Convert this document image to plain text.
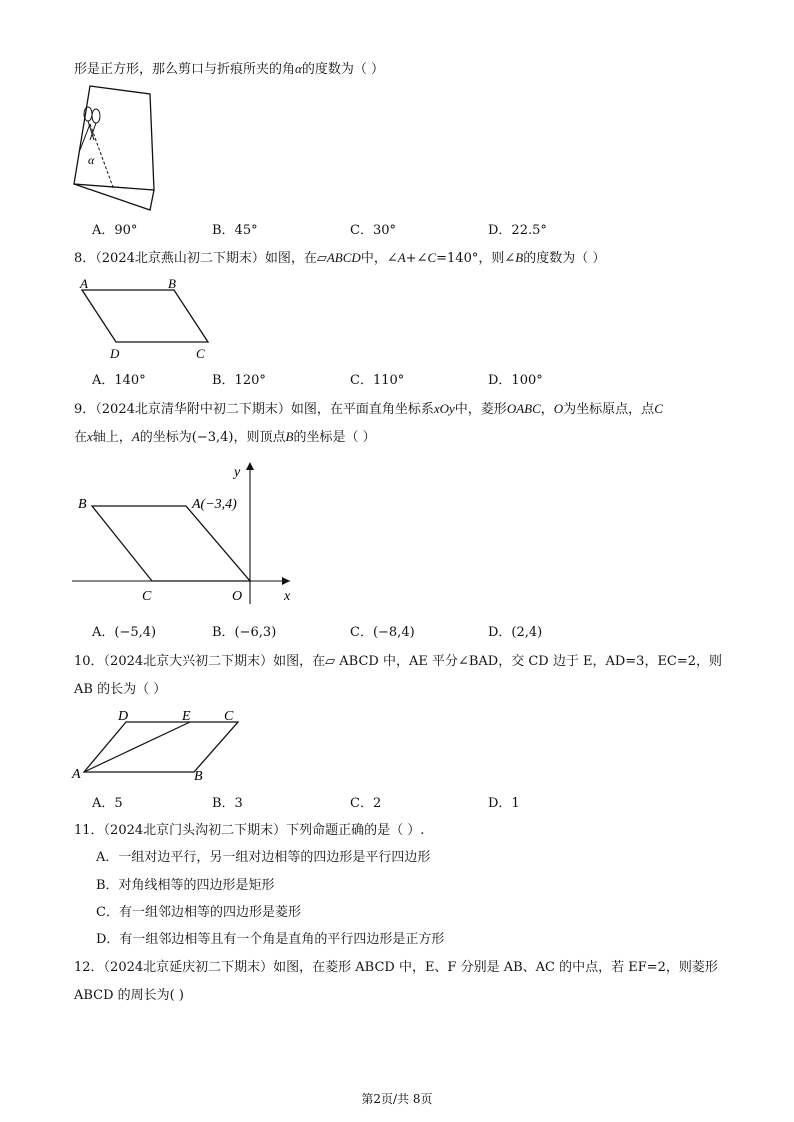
形是正方形，那么剪口与折痕所夹的角α的度数为（ ）
α
A．90°	B．45°	C．30°	D．22.5°
8．（2024北京燕山初二下期末）如图，在▱ABCD中，∠A+∠C=140°，则∠B的度数为（ ）
A	B
C
D
A．140°	B．120°	C．110°	D．100°
9．（2024北京清华附中初二下期末）如图，在平面直角坐标系xOy中，菱形OABC，O为坐标原点，点C
在x轴上，A的坐标为(−3,4)，则顶点B的坐标是（ ）
y
x
B	A(−3,4)
C	O
A．(−5,4)	B．(−6,3)	C．(−8,4)	D．(2,4)
10．（2024北京大兴初二下期末）如图，在▱ ABCD 中，AE 平分∠BAD，交 CD 边于 E，AD=3，EC=2，则
AB 的长为（ ）
D	E C
A	B
A．5	B．3	C．2	D．1
11．（2024北京门头沟初二下期末）下列命题正确的是（ ）.
A．一组对边平行，另一组对边相等的四边形是平行四边形
B．对角线相等的四边形是矩形
C．有一组邻边相等的四边形是菱形
D．有一组邻边相等且有一个角是直角的平行四边形是正方形
12．（2024北京延庆初二下期末）如图，在菱形 ABCD 中，E、F 分别是 AB、AC 的中点，若 EF=2，则菱形
ABCD 的周长为( )
第2页/共 8页
